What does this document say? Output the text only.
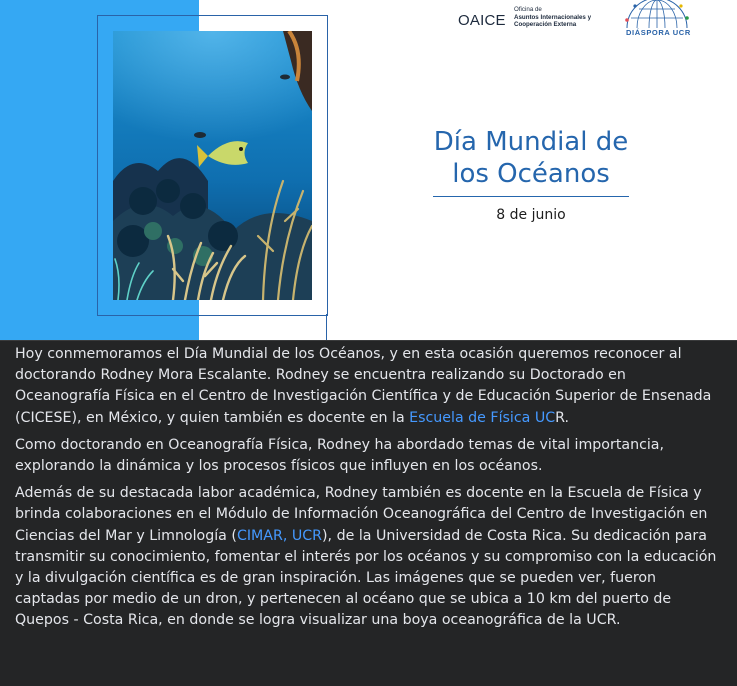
OAICE
Oficina de
Asuntos Internacionales y
Cooperación Externa
DIÁSPORA UCR
Día Mundial de
los Océanos
8 de junio

Hoy conmemoramos el Día Mundial de los Océanos, y en esta ocasión queremos reconocer al doctorando Rodney Mora Escalante. Rodney se encuentra realizando su Doctorado en Oceanografía Física en el Centro de Investigación Científica y de Educación Superior de Ensenada (CICESE), en México, y quien también es docente en la Escuela de Física UCR.

Como doctorando en Oceanografía Física, Rodney ha abordado temas de vital importancia, explorando la dinámica y los procesos físicos que influyen en los océanos.

Además de su destacada labor académica, Rodney también es docente en la Escuela de Física y brinda colaboraciones en el Módulo de Información Oceanográfica del Centro de Investigación en Ciencias del Mar y Limnología (CIMAR, UCR), de la Universidad de Costa Rica. Su dedicación para transmitir su conocimiento, fomentar el interés por los océanos y su compromiso con la educación y la divulgación científica es de gran inspiración. Las imágenes que se pueden ver, fueron captadas por medio de un dron, y pertenecen al océano que se ubica a 10 km del puerto de Quepos - Costa Rica, en donde se logra visualizar una boya oceanográfica de la UCR.
